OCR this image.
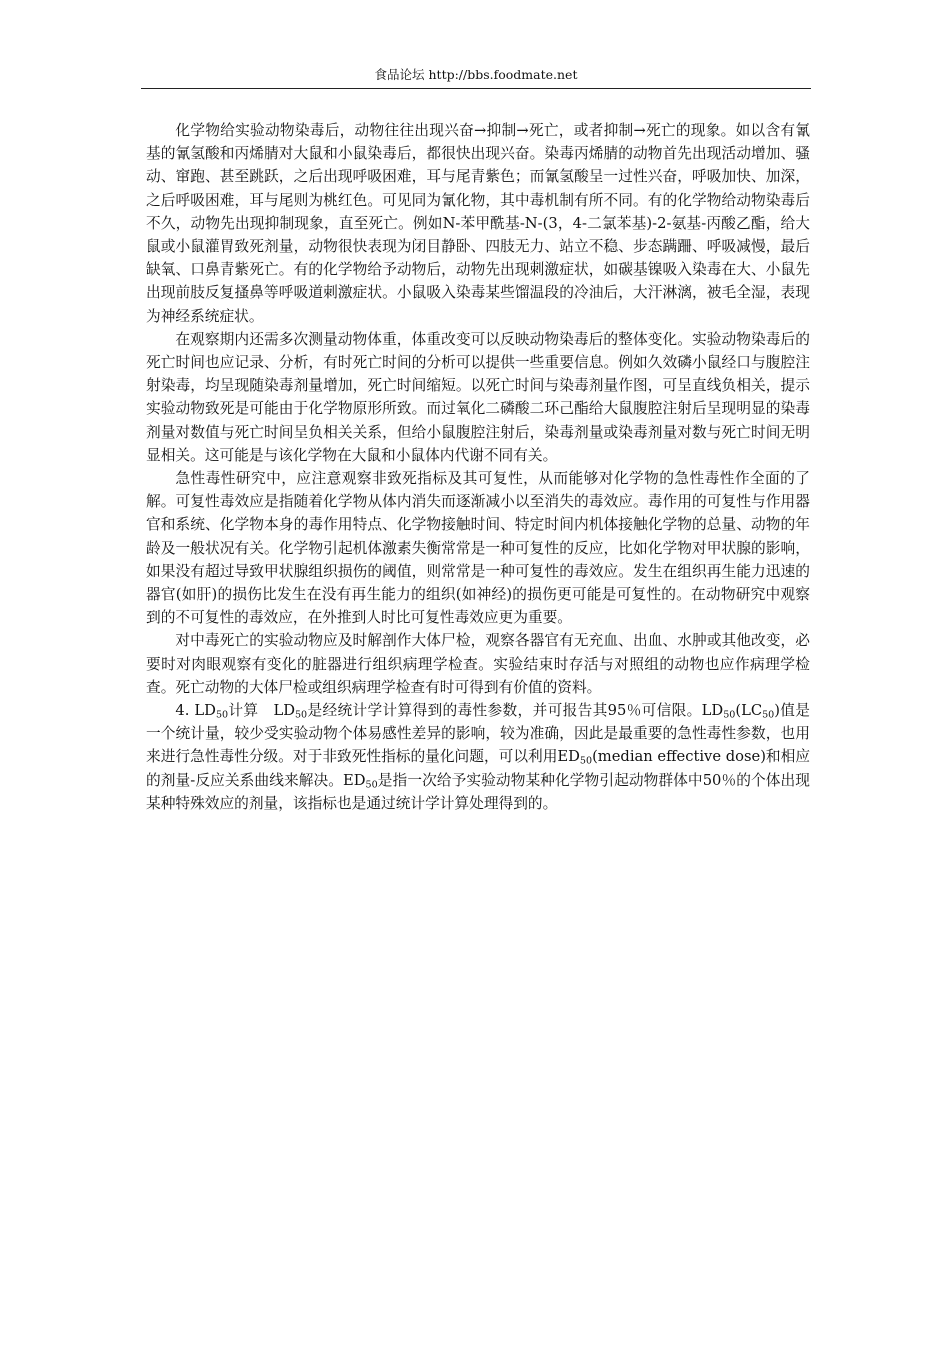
食品论坛 http://bbs.foodmate.net

化学物给实验动物染毒后，动物往往出现兴奋→抑制→死亡，或者抑制→死亡的现象。如以含有氰基的氰氢酸和丙烯腈对大鼠和小鼠染毒后，都很快出现兴奋。染毒丙烯腈的动物首先出现活动增加、骚动、窜跑、甚至跳跃，之后出现呼吸困难，耳与尾青紫色；而氰氢酸呈一过性兴奋，呼吸加快、加深，之后呼吸困难，耳与尾则为桃红色。可见同为氰化物，其中毒机制有所不同。有的化学物给动物染毒后不久，动物先出现抑制现象，直至死亡。例如N-苯甲酰基-N-(3，4-二氯苯基)-2-氨基-丙酸乙酯，给大鼠或小鼠灌胃致死剂量，动物很快表现为闭目静卧、四肢无力、站立不稳、步态蹒跚、呼吸减慢，最后缺氧、口鼻青紫死亡。有的化学物给予动物后，动物先出现刺激症状，如碳基镍吸入染毒在大、小鼠先出现前肢反复搔鼻等呼吸道刺激症状。小鼠吸入染毒某些馏温段的冷油后，大汗淋漓，被毛全湿，表现为神经系统症状。

在观察期内还需多次测量动物体重，体重改变可以反映动物染毒后的整体变化。实验动物染毒后的死亡时间也应记录、分析，有时死亡时间的分析可以提供一些重要信息。例如久效磷小鼠经口与腹腔注射染毒，均呈现随染毒剂量增加，死亡时间缩短。以死亡时间与染毒剂量作图，可呈直线负相关，提示实验动物致死是可能由于化学物原形所致。而过氧化二磷酸二环己酯给大鼠腹腔注射后呈现明显的染毒剂量对数值与死亡时间呈负相关关系，但给小鼠腹腔注射后，染毒剂量或染毒剂量对数与死亡时间无明显相关。这可能是与该化学物在大鼠和小鼠体内代谢不同有关。

急性毒性研究中，应注意观察非致死指标及其可复性，从而能够对化学物的急性毒性作全面的了解。可复性毒效应是指随着化学物从体内消失而逐渐减小以至消失的毒效应。毒作用的可复性与作用器官和系统、化学物本身的毒作用特点、化学物接触时间、特定时间内机体接触化学物的总量、动物的年龄及一般状况有关。化学物引起机体激素失衡常常是一种可复性的反应，比如化学物对甲状腺的影响，如果没有超过导致甲状腺组织损伤的阈值，则常常是一种可复性的毒效应。发生在组织再生能力迅速的器官(如肝)的损伤比发生在没有再生能力的组织(如神经)的损伤更可能是可复性的。在动物研究中观察到的不可复性的毒效应，在外推到人时比可复性毒效应更为重要。

对中毒死亡的实验动物应及时解剖作大体尸检，观察各器官有无充血、出血、水肿或其他改变，必要时对肉眼观察有变化的脏器进行组织病理学检查。实验结束时存活与对照组的动物也应作病理学检查。死亡动物的大体尸检或组织病理学检查有时可得到有价值的资料。

4. $LD_{50}$计算　$LD_{50}$是经统计学计算得到的毒性参数，并可报告其95％可信限。$LD_{50}(LC_{50})$值是一个统计量，较少受实验动物个体易感性差异的影响，较为准确，因此是最重要的急性毒性参数，也用来进行急性毒性分级。对于非致死性指标的量化问题，可以利用$ED_{50}(median$ effective dose)和相应的剂量-反应关系曲线来解决。$ED_{50}$是指一次给予实验动物某种化学物引起动物群体中50％的个体出现某种特殊效应的剂量，该指标也是通过统计学计算处理得到的。
